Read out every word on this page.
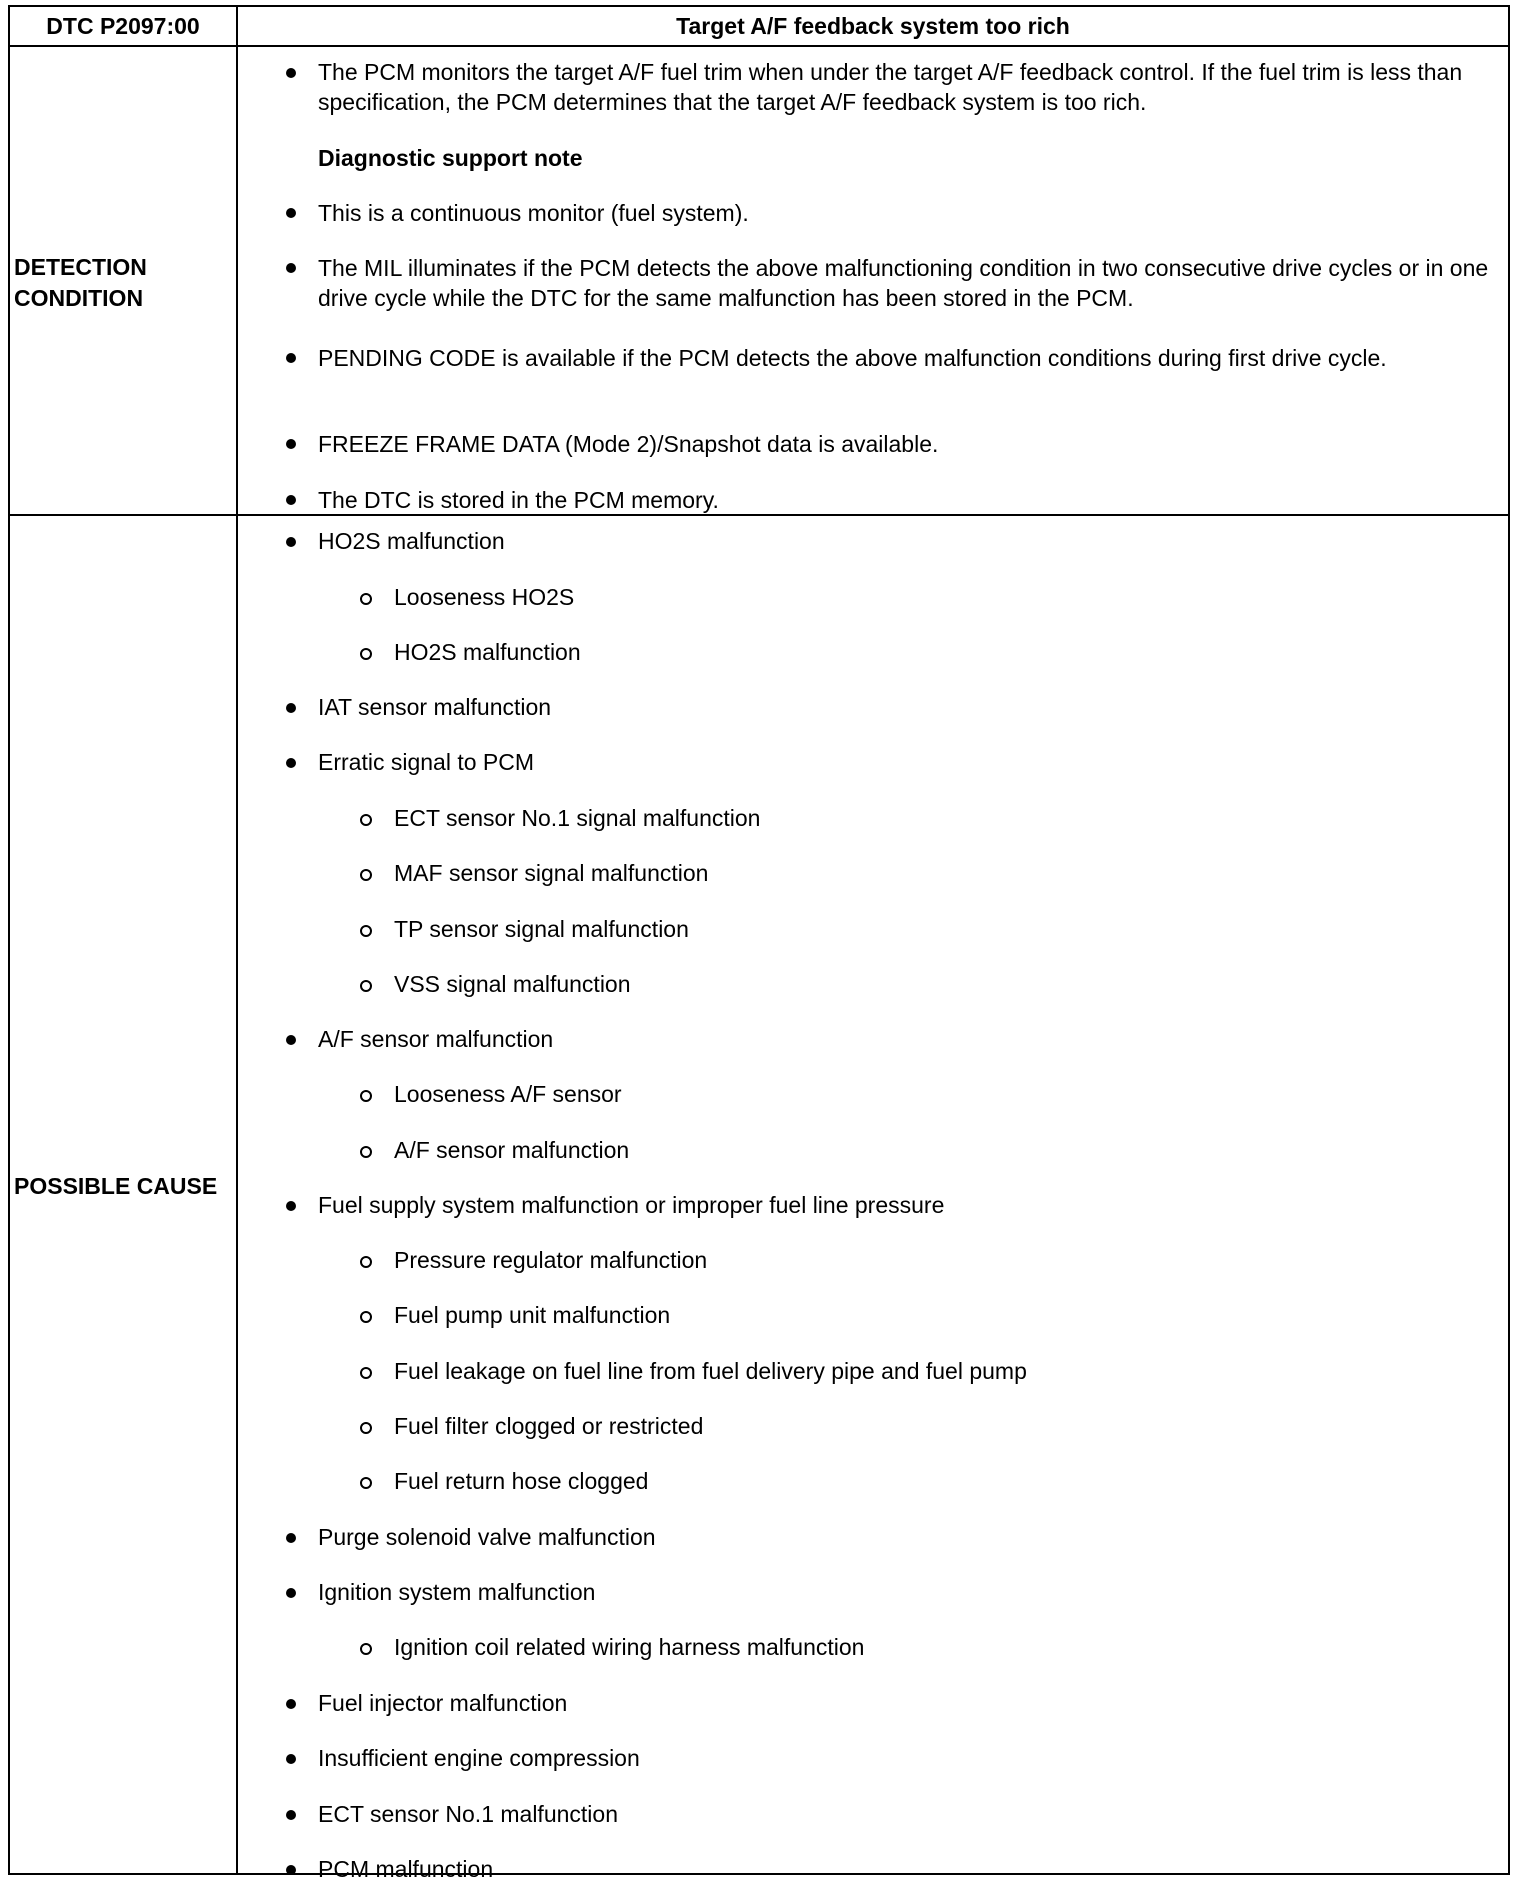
DTC P2097:00	Target A/F feedback system too rich
DETECTION CONDITION
POSSIBLE CAUSE
The PCM monitors the target A/F fuel trim when under the target A/F feedback control. If the fuel trim is less than specification, the PCM determines that the target A/F feedback system is too rich.
Diagnostic support note
This is a continuous monitor (fuel system).
The MIL illuminates if the PCM detects the above malfunctioning condition in two consecutive drive cycles or in one drive cycle while the DTC for the same malfunction has been stored in the PCM.
PENDING CODE is available if the PCM detects the above malfunction conditions during first drive cycle.
FREEZE FRAME DATA (Mode 2)/Snapshot data is available.
The DTC is stored in the PCM memory.
HO2S malfunction
Looseness HO2S
HO2S malfunction
IAT sensor malfunction
Erratic signal to PCM
ECT sensor No.1 signal malfunction
MAF sensor signal malfunction
TP sensor signal malfunction
VSS signal malfunction
A/F sensor malfunction
Looseness A/F sensor
A/F sensor malfunction
Fuel supply system malfunction or improper fuel line pressure
Pressure regulator malfunction
Fuel pump unit malfunction
Fuel leakage on fuel line from fuel delivery pipe and fuel pump
Fuel filter clogged or restricted
Fuel return hose clogged
Purge solenoid valve malfunction
Ignition system malfunction
Ignition coil related wiring harness malfunction
Fuel injector malfunction
Insufficient engine compression
ECT sensor No.1 malfunction
PCM malfunction
